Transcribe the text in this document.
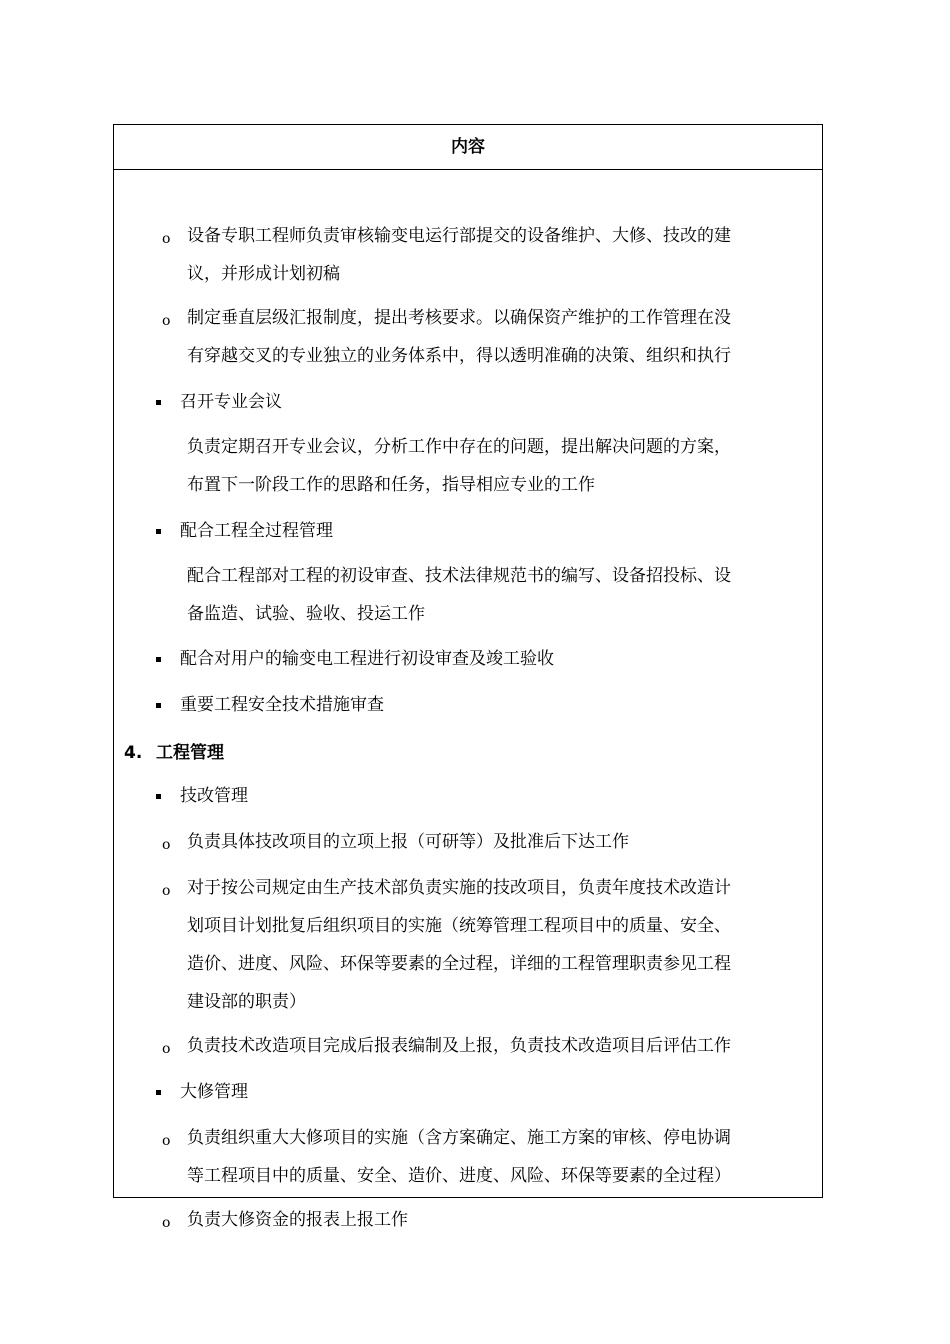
内容
o 设备专职工程师负责审核输变电运行部提交的设备维护、大修、技改的建
议，并形成计划初稿
o 制定垂直层级汇报制度，提出考核要求。以确保资产维护的工作管理在没
有穿越交叉的专业独立的业务体系中，得以透明准确的决策、组织和执行
召开专业会议
负责定期召开专业会议，分析工作中存在的问题，提出解决问题的方案，
布置下一阶段工作的思路和任务，指导相应专业的工作
配合工程全过程管理
配合工程部对工程的初设审查、技术法律规范书的编写、设备招投标、设
备监造、试验、验收、投运工作
配合对用户的输变电工程进行初设审查及竣工验收
重要工程安全技术措施审查
4. 工程管理
技改管理
o 负责具体技改项目的立项上报（可研等）及批准后下达工作
o 对于按公司规定由生产技术部负责实施的技改项目，负责年度技术改造计
划项目计划批复后组织项目的实施（统筹管理工程项目中的质量、安全、
造价、进度、风险、环保等要素的全过程，详细的工程管理职责参见工程
建设部的职责）
o 负责技术改造项目完成后报表编制及上报，负责技术改造项目后评估工作
大修管理
o 负责组织重大大修项目的实施（含方案确定、施工方案的审核、停电协调
等工程项目中的质量、安全、造价、进度、风险、环保等要素的全过程）
o 负责大修资金的报表上报工作
